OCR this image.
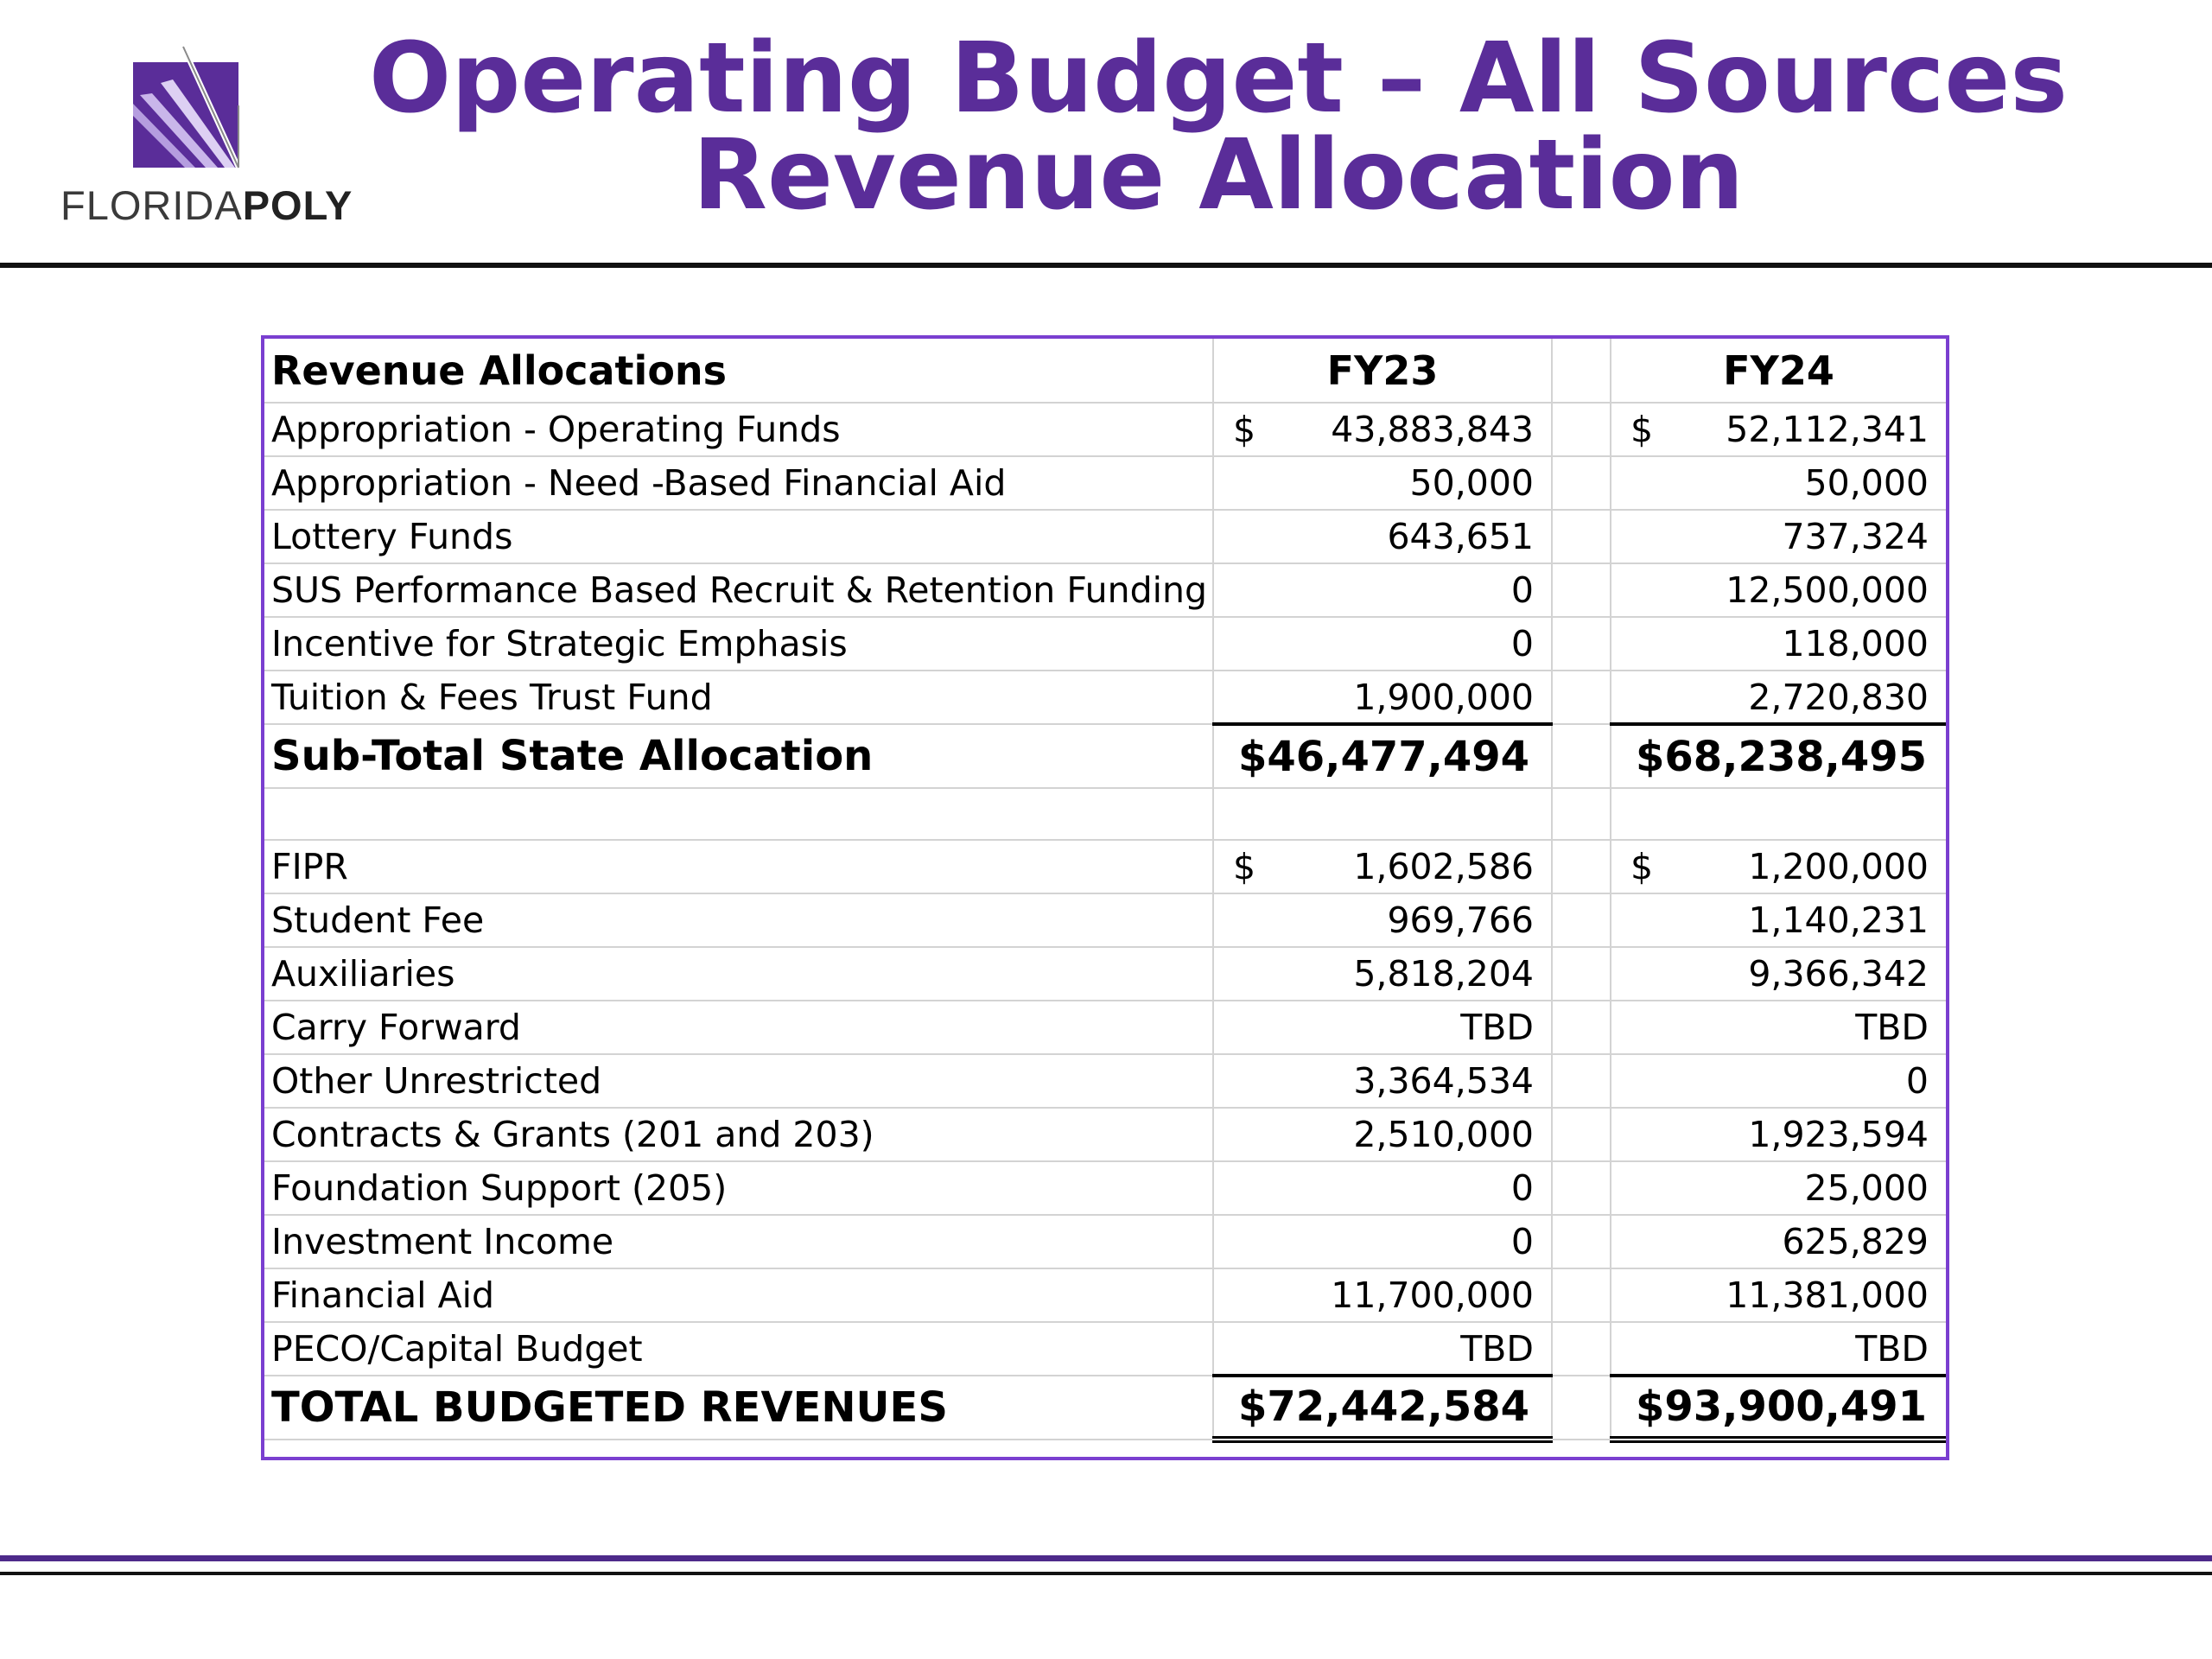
FLORIDAPOLY
Operating Budget – All Sources
Revenue Allocation
Revenue Allocations	FY23		FY24
Appropriation - Operating Funds	$ 43,883,843		$ 52,112,341

Appropriation - Need -Based Financial Aid	50,000		50,000

Lottery Funds	643,651		737,324

SUS Performance Based Recruit & Retention Funding	0		12,500,000

Incentive for Strategic Emphasis	0		118,000

Tuition & Fees Trust Fund	1,900,000		2,720,830

Sub-Total State Allocation	$ 46,477,494		$ 68,238,495

FIPR	$ 1,602,586		$ 1,200,000

Student Fee	969,766		1,140,231

Auxiliaries	5,818,204		9,366,342

Carry Forward	TBD		TBD

Other Unrestricted	3,364,534		0

Contracts & Grants (201 and 203)	2,510,000		1,923,594

Foundation Support (205)	0		25,000

Investment Income	0		625,829

Financial Aid	11,700,000		11,381,000

PECO/Capital Budget	TBD		TBD

TOTAL BUDGETED REVENUES	$ 72,442,584		$ 93,900,491
